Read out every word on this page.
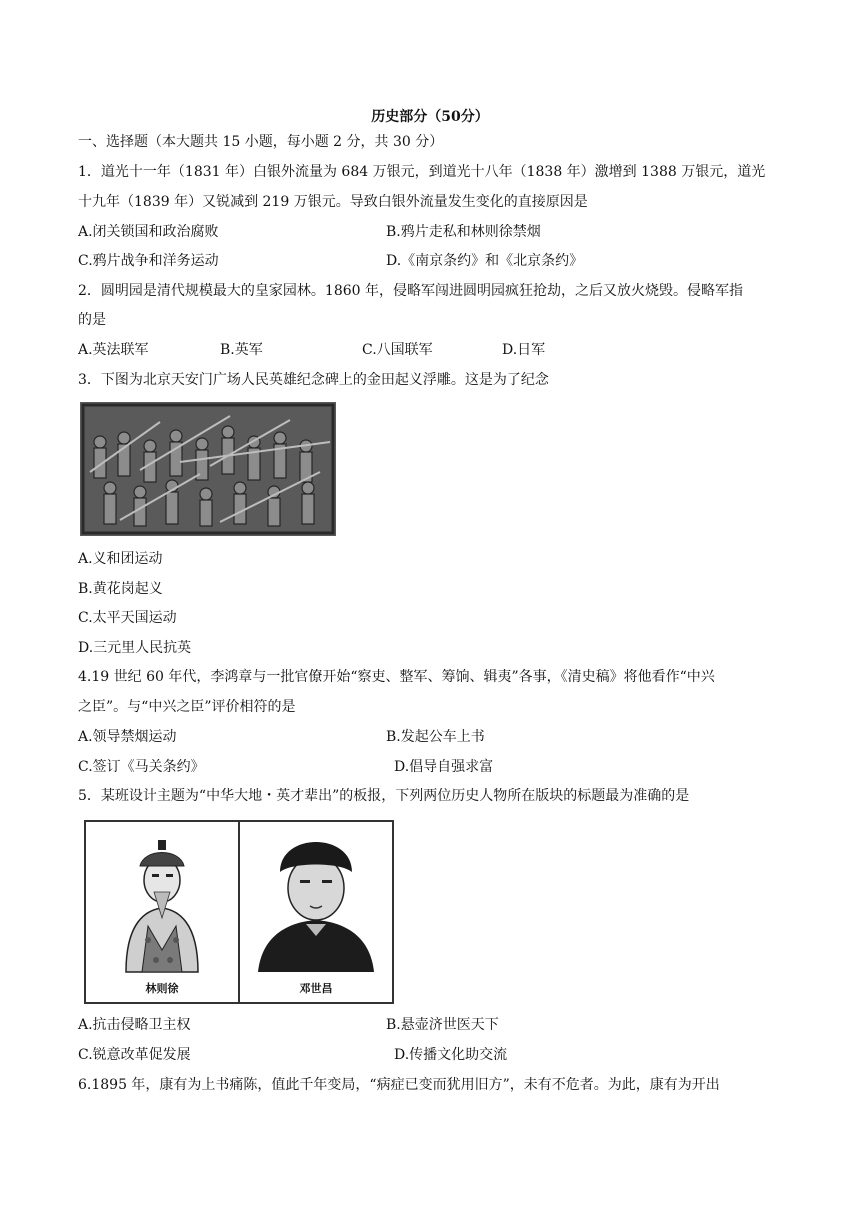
历史部分（50分）
一、选择题（本大题共 15 小题，每小题 2 分，共 30 分）
1．道光十一年（1831 年）白银外流量为 684 万银元，到道光十八年（1838 年）激增到 1388 万银元，道光
十九年（1839 年）又锐减到 219 万银元。导致白银外流量发生变化的直接原因是
A.闭关锁国和政治腐败	B.鸦片走私和林则徐禁烟
C.鸦片战争和洋务运动	D.《南京条约》和《北京条约》
2．圆明园是清代规模最大的皇家园林。1860 年，侵略军闯进圆明园疯狂抢劫，之后又放火烧毁。侵略军指
的是
A.英法联军	B.英军	C.八国联军	D.日军
3．下图为北京天安门广场人民英雄纪念碑上的金田起义浮雕。这是为了纪念
A.义和团运动
B.黄花岗起义
C.太平天国运动
D.三元里人民抗英
4.19 世纪 60 年代，李鸿章与一批官僚开始“察吏、整军、筹饷、辑夷”各事，《清史稿》将他看作“中兴
之臣”。与“中兴之臣”评价相符的是
A.领导禁烟运动	B.发起公车上书
C.签订《马关条约》	D.倡导自强求富
5．某班设计主题为“中华大地・英才辈出”的板报，下列两位历史人物所在版块的标题最为准确的是
林则徐	邓世昌
A.抗击侵略卫主权	B.悬壶济世医天下
C.锐意改革促发展	D.传播文化助交流
6.1895 年，康有为上书痛陈，值此千年变局，“病症已变而犹用旧方”，未有不危者。为此，康有为开出
